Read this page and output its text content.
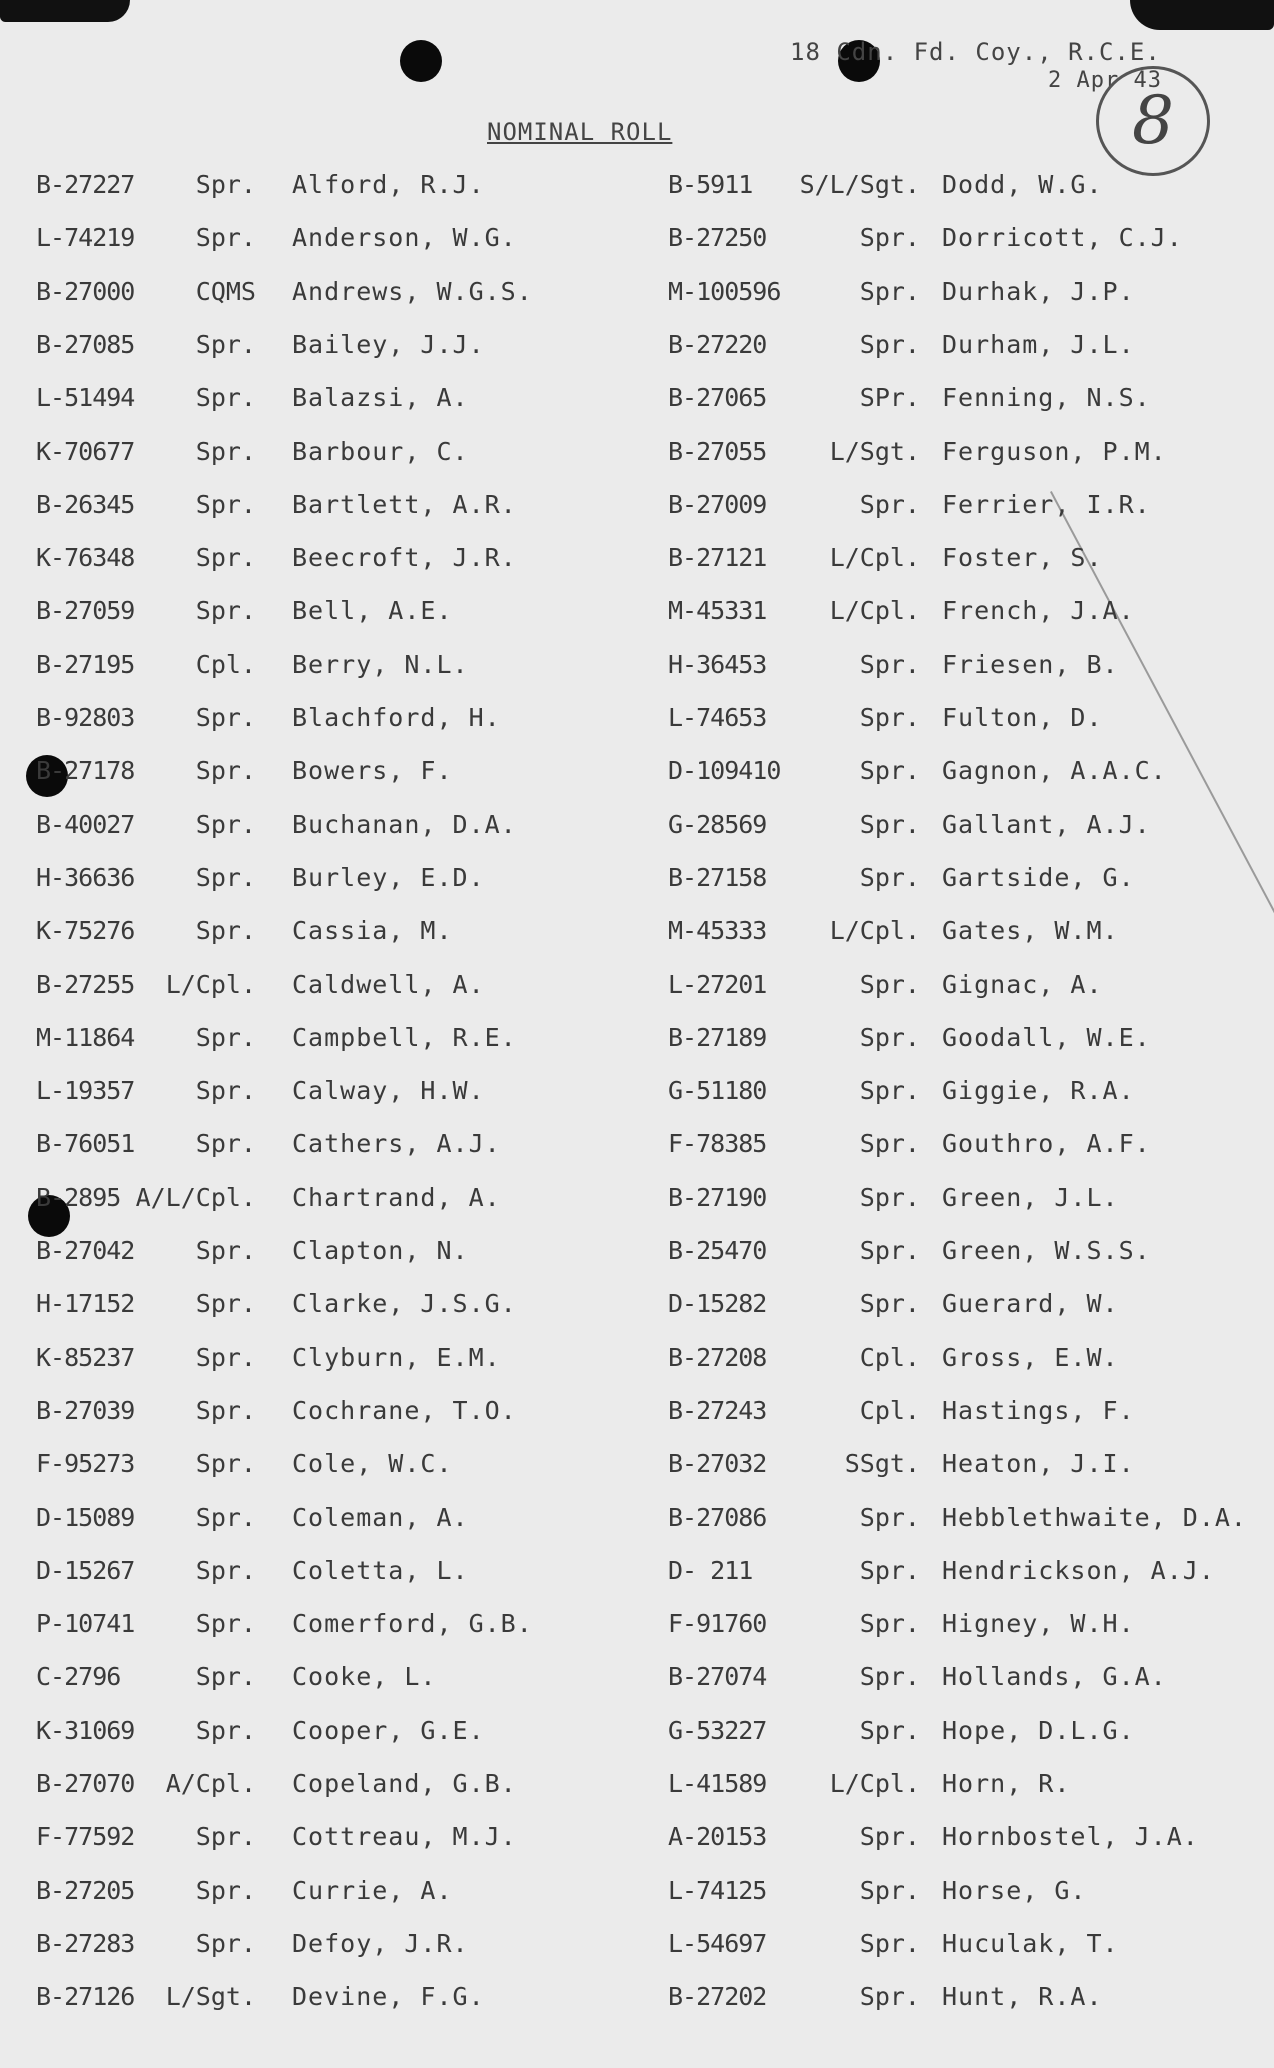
18 Cdn. Fd. Coy., R.C.E.
2 Apr 43
8
NOMINAL ROLL
B-27227	Spr. Alford, R.J.
L-74219	Spr. Anderson, W.G.
B-27000	CQMS Andrews, W.G.S.
B-27085	Spr. Bailey, J.J.
L-51494	Spr. Balazsi, A.
K-70677	Spr. Barbour, C.
B-26345	Spr. Bartlett, A.R.
K-76348	Spr. Beecroft, J.R.
B-27059	Spr. Bell, A.E.
B-27195	Cpl. Berry, N.L.
B-92803	Spr. Blachford, H.
B-27178	Spr. Bowers, F.
B-40027	Spr. Buchanan, D.A.
H-36636	Spr. Burley, E.D.
K-75276	Spr. Cassia, M.
B-27255	L/Cpl. Caldwell, A.
M-11864	Spr. Campbell, R.E.
L-19357	Spr. Calway, H.W.
B-76051	Spr. Cathers, A.J.
B-2895 A/L/Cpl. Chartrand, A.
B-27042	Spr. Clapton, N.
H-17152	Spr. Clarke, J.S.G.
K-85237	Spr. Clyburn, E.M.
B-27039	Spr. Cochrane, T.O.
F-95273	Spr. Cole, W.C.
D-15089	Spr. Coleman, A.
D-15267	Spr. Coletta, L.
P-10741	Spr. Comerford, G.B.
C-2796	Spr. Cooke, L.
K-31069	Spr. Cooper, G.E.
B-27070	A/Cpl. Copeland, G.B.
F-77592	Spr. Cottreau, M.J.
B-27205	Spr. Currie, A.
B-27283	Spr. Defoy, J.R.
B-27126	L/Sgt. Devine, F.G.
B-5911	S/L/Sgt. Dodd, W.G.
B-27250	Spr. Dorricott, C.J.
M-100596	Spr. Durhak, J.P.
B-27220	Spr. Durham, J.L.
B-27065	SPr. Fenning, N.S.
B-27055	L/Sgt. Ferguson, P.M.
B-27009	Spr. Ferrier, I.R.
B-27121	L/Cpl. Foster, S.
M-45331	L/Cpl. French, J.A.
H-36453	Spr. Friesen, B.
L-74653	Spr. Fulton, D.
D-109410	Spr. Gagnon, A.A.C.
G-28569	Spr. Gallant, A.J.
B-27158	Spr. Gartside, G.
M-45333	L/Cpl. Gates, W.M.
L-27201	Spr. Gignac, A.
B-27189	Spr. Goodall, W.E.
G-51180	Spr. Giggie, R.A.
F-78385	Spr. Gouthro, A.F.
B-27190	Spr. Green, J.L.
B-25470	Spr. Green, W.S.S.
D-15282	Spr. Guerard, W.
B-27208	Cpl. Gross, E.W.
B-27243	Cpl. Hastings, F.
B-27032	SSgt. Heaton, J.I.
B-27086	Spr. Hebblethwaite, D.A.
D- 211	Spr. Hendrickson, A.J.
F-91760	Spr. Higney, W.H.
B-27074	Spr. Hollands, G.A.
G-53227	Spr. Hope, D.L.G.
L-41589	L/Cpl. Horn, R.
A-20153	Spr. Hornbostel, J.A.
L-74125	Spr. Horse, G.
L-54697	Spr. Huculak, T.
B-27202	Spr. Hunt, R.A.
